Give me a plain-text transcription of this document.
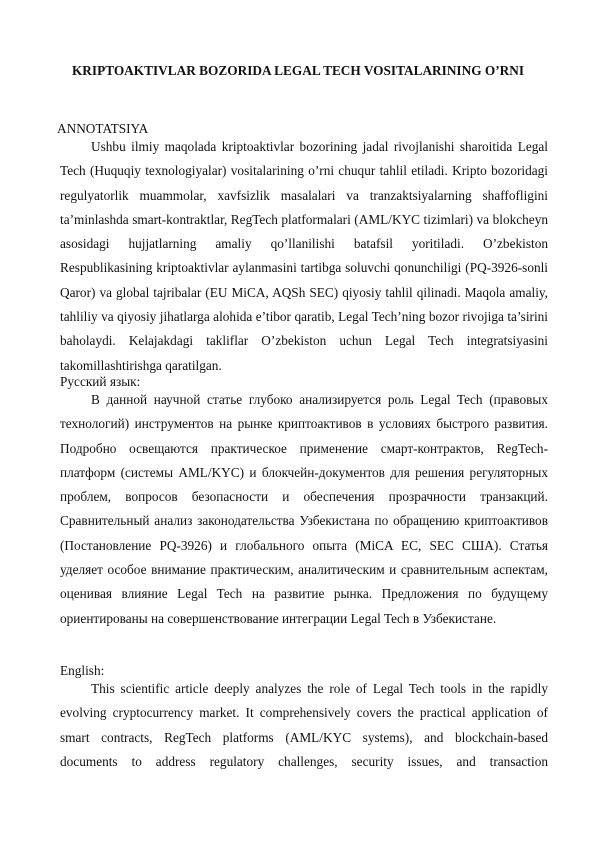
KRIPTOAKTIVLAR BOZORIDA LEGAL TECH VOSITALARINING O’RNI
ANNOTATSIYA

Ushbu ilmiy maqolada kriptoaktivlar bozorining jadal rivojlanishi sharoitida Legal Tech (Huquqiy texnologiyalar) vositalarining o’rni chuqur tahlil etiladi. Kripto bozoridagi regulyatorlik muammolar, xavfsizlik masalalari va tranzaktsiyalarning shaffofligini ta’minlashda smart-kontraktlar, RegTech platformalari (AML/KYC tizimlari) va blokcheyn asosidagi hujjatlarning amaliy qo’llanilishi batafsil yoritiladi. O’zbekiston Respublikasining kriptoaktivlar aylanmasini tartibga soluvchi qonunchiligi (PQ-3926-sonli Qaror) va global tajribalar (EU MiCA, AQSh SEC) qiyosiy tahlil qilinadi. Maqola amaliy, tahliliy va qiyosiy jihatlarga alohida e’tibor qaratib, Legal Tech’ning bozor rivojiga ta’sirini baholaydi. Kelajakdagi takliflar O’zbekiston uchun Legal Tech integratsiyasini takomillashtirishga qaratilgan.

Русский язык:

В данной научной статье глубоко анализируется роль Legal Tech (правовых технологий) инструментов на рынке криптоактивов в условиях быстрого развития. Подробно освещаются практическое применение смарт-контрактов, RegTech-платформ (системы AML/KYC) и блокчейн-документов для решения регуляторных проблем, вопросов безопасности и обеспечения прозрачности транзакций. Сравнительный анализ законодательства Узбекистана по обращению криптоактивов (Постановление PQ-3926) и глобального опыта (MiCA ЕС, SEC США). Статья уделяет особое внимание практическим, аналитическим и сравнительным аспектам, оценивая влияние Legal Tech на развитие рынка. Предложения по будущему ориентированы на совершенствование интеграции Legal Tech в Узбекистане.

English:

This scientific article deeply analyzes the role of Legal Tech tools in the rapidly evolving cryptocurrency market. It comprehensively covers the practical application of smart contracts, RegTech platforms (AML/KYC systems), and blockchain-based documents to address regulatory challenges, security issues, and transaction
